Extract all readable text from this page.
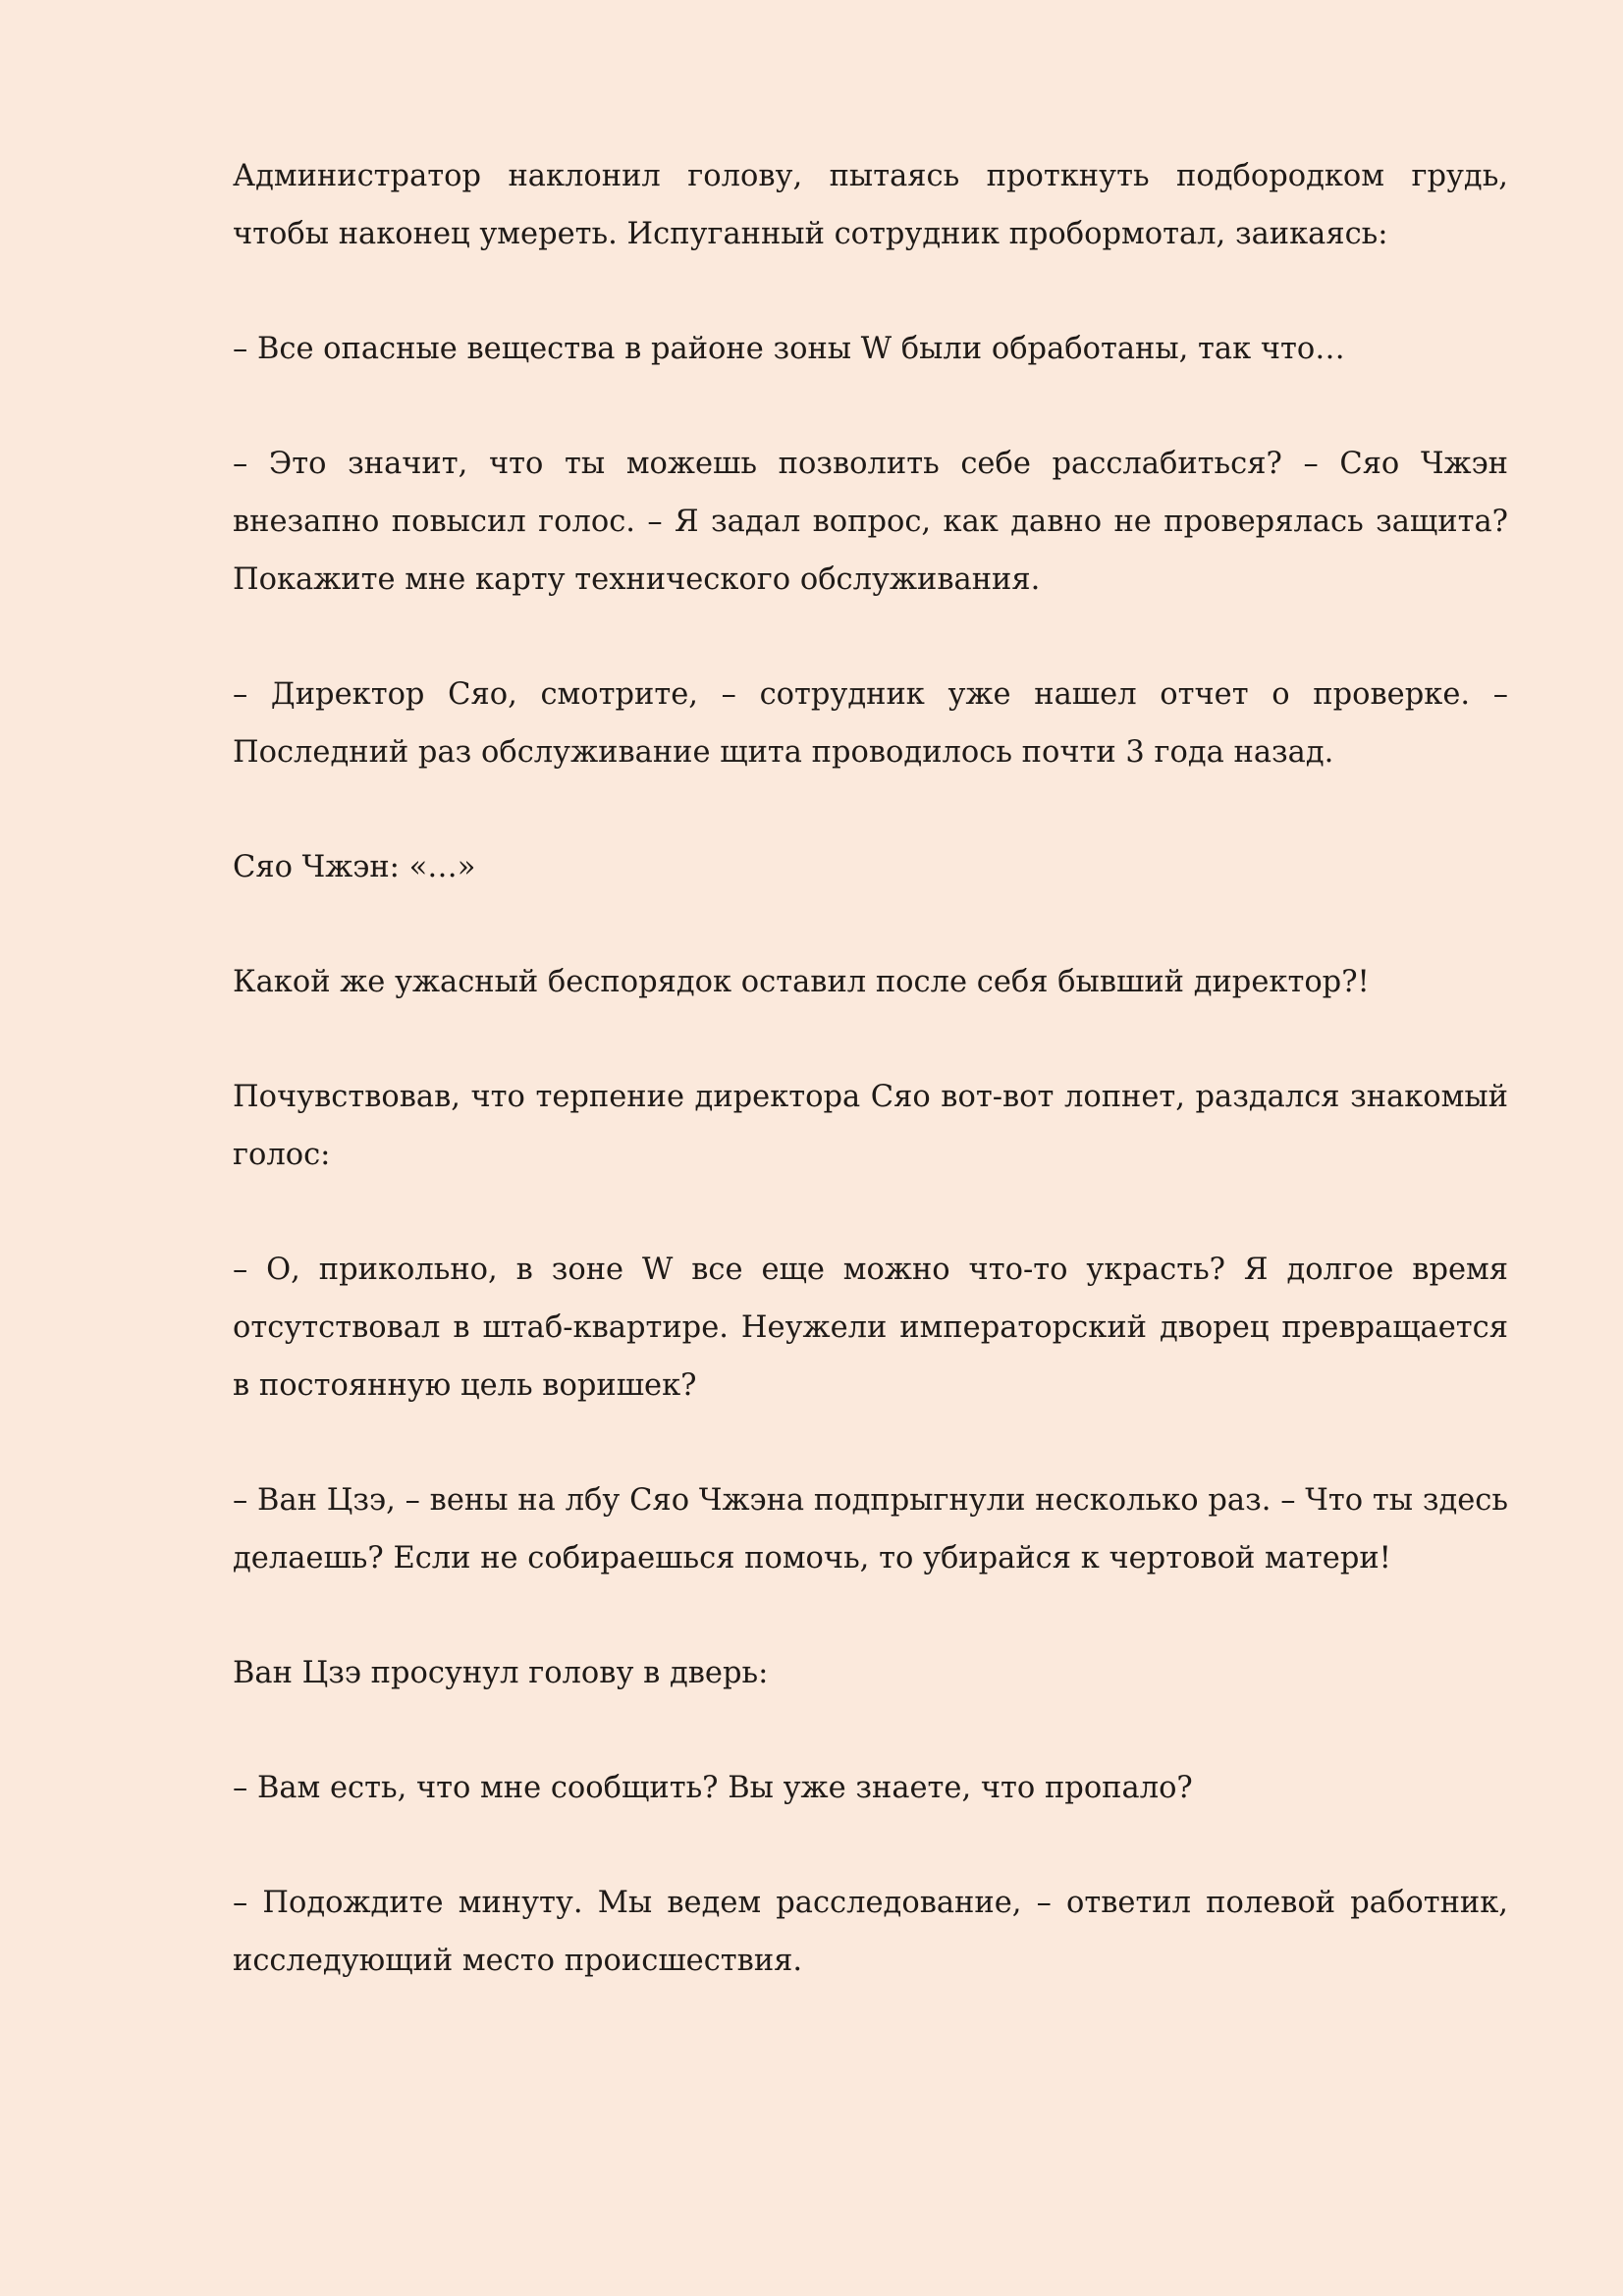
Администратор наклонил голову, пытаясь проткнуть подбородком грудь, чтобы наконец умереть. Испуганный сотрудник пробормотал, заикаясь:

– Все опасные вещества в районе зоны W были обработаны, так что…

– Это значит, что ты можешь позволить себе расслабиться? – Сяо Чжэн внезапно повысил голос. – Я задал вопрос, как давно не проверялась защита? Покажите мне карту технического обслуживания.

– Директор Сяо, смотрите, – сотрудник уже нашел отчет о проверке. – Последний раз обслуживание щита проводилось почти 3 года назад.

Сяо Чжэн: «…»

Какой же ужасный беспорядок оставил после себя бывший директор?!

Почувствовав, что терпение директора Сяо вот-вот лопнет, раздался знакомый голос:

– О, прикольно, в зоне W все еще можно что-то украсть? Я долгое время отсутствовал в штаб-квартире. Неужели императорский дворец превращается в постоянную цель воришек?

– Ван Цзэ, – вены на лбу Сяо Чжэна подпрыгнули несколько раз. – Что ты здесь делаешь? Если не собираешься помочь, то убирайся к чертовой матери!

Ван Цзэ просунул голову в дверь:

– Вам есть, что мне сообщить? Вы уже знаете, что пропало?

– Подождите минуту. Мы ведем расследование, – ответил полевой работник, исследующий место происшествия.
